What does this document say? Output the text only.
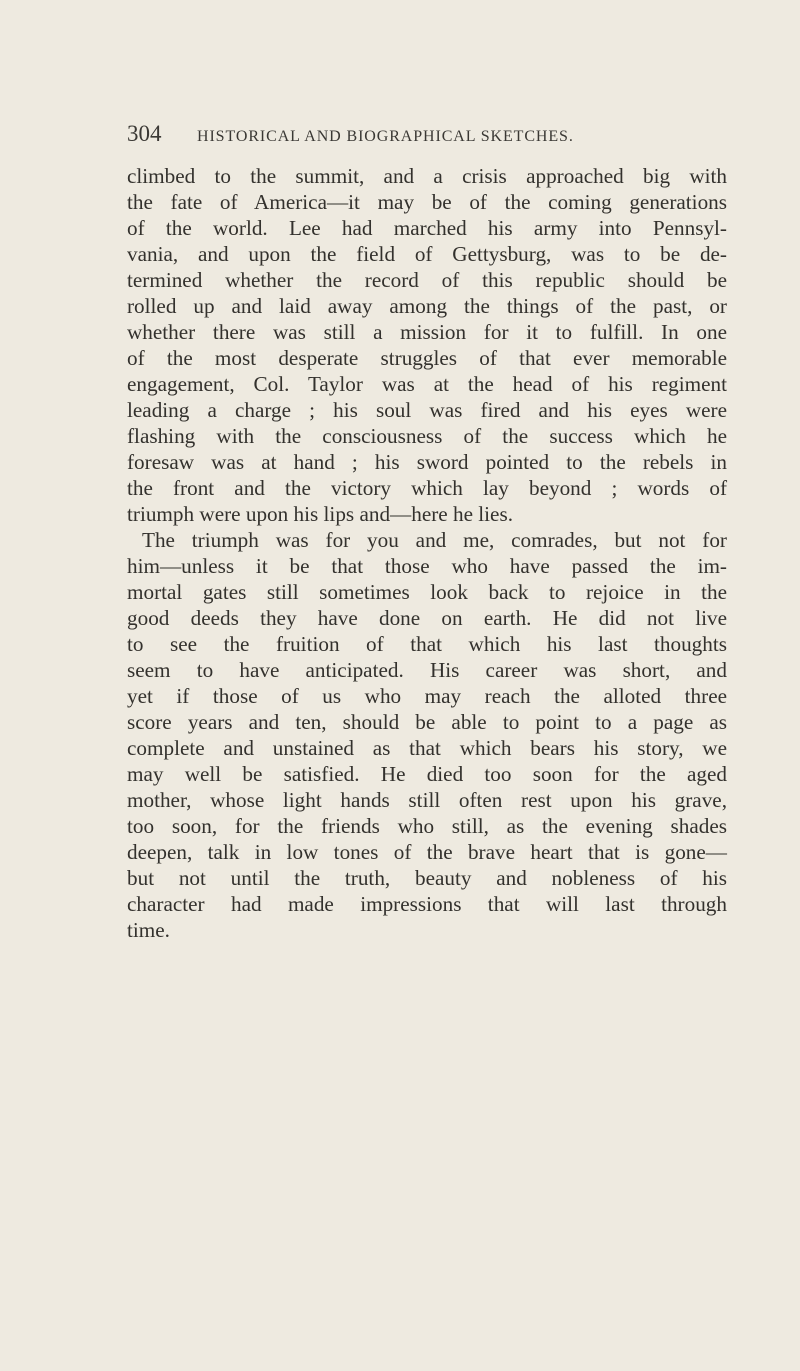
304	HISTORICAL AND BIOGRAPHICAL SKETCHES.
climbed to the summit, and a crisis approached big with
the fate of America—it may be of the coming generations
of the world. Lee had marched his army into Pennsyl-
vania, and upon the field of Gettysburg, was to be de-
termined whether the record of this republic should be
rolled up and laid away among the things of the past, or
whether there was still a mission for it to fulfill. In one
of the most desperate struggles of that ever memorable
engagement, Col. Taylor was at the head of his regiment
leading a charge ; his soul was fired and his eyes were
flashing with the consciousness of the success which he
foresaw was at hand ; his sword pointed to the rebels in
the front and the victory which lay beyond ; words of
triumph were upon his lips and—here he lies.
The triumph was for you and me, comrades, but not for
him—unless it be that those who have passed the im-
mortal gates still sometimes look back to rejoice in the
good deeds they have done on earth. He did not live
to see the fruition of that which his last thoughts
seem to have anticipated. His career was short, and
yet if those of us who may reach the alloted three
score years and ten, should be able to point to a page as
complete and unstained as that which bears his story, we
may well be satisfied. He died too soon for the aged
mother, whose light hands still often rest upon his grave,
too soon, for the friends who still, as the evening shades
deepen, talk in low tones of the brave heart that is gone—
but not until the truth, beauty and nobleness of his
character had made impressions that will last through
time.
